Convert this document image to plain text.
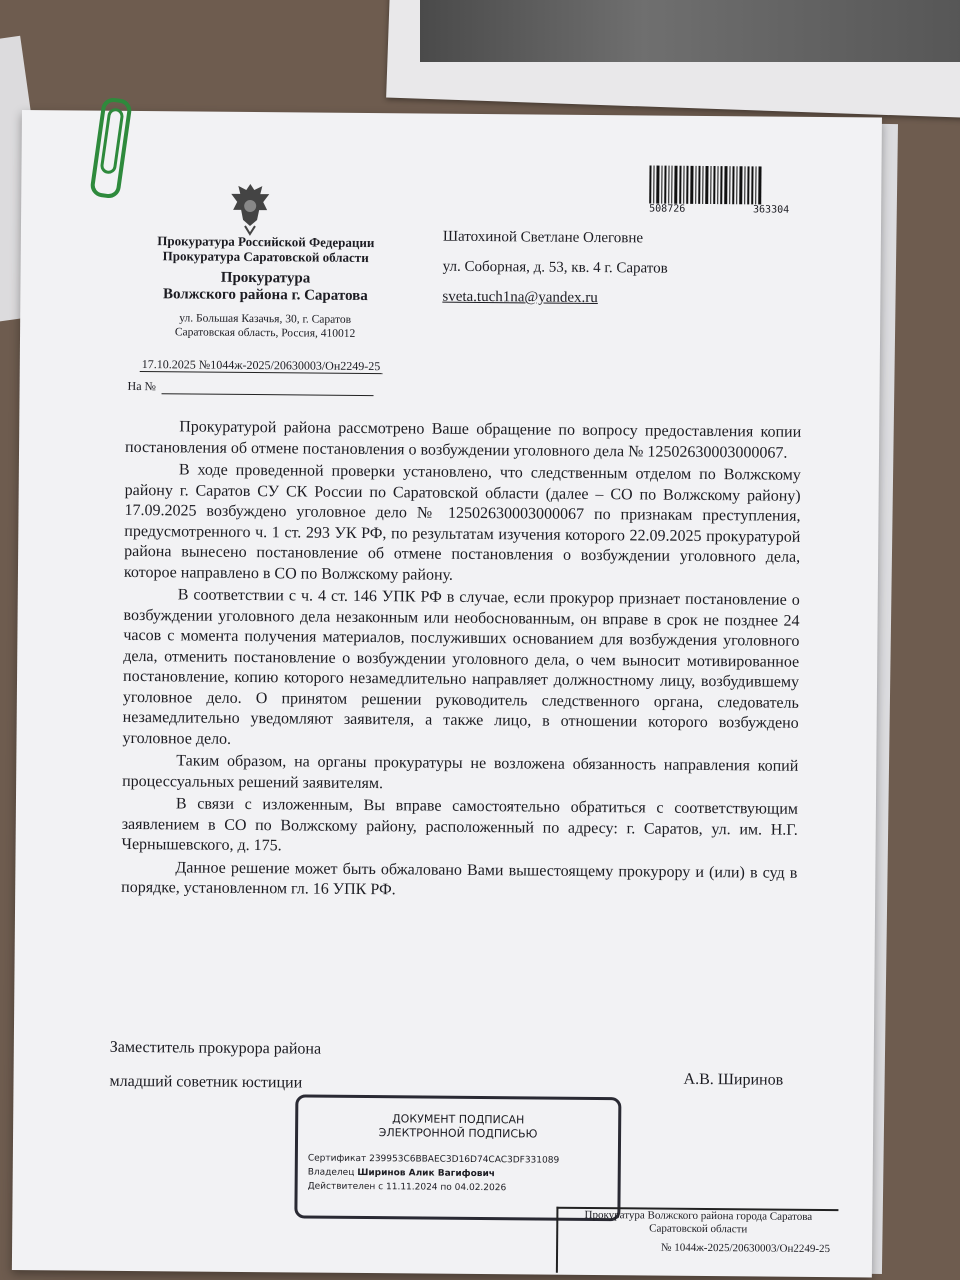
Прокуратура Российской Федерации
Прокуратура Саратовской области
Прокуратура
Волжского района г. Саратова
ул. Большая Казачья, 30, г. Саратов
Саратовская область, Россия, 410012
17.10.2025 №1044ж-2025/20630003/Он2249-25
На №
508726	363304
Шатохиной Светлане Олеговне
ул. Соборная, д. 53, кв. 4 г. Саратов
sveta.tuch1na@yandex.ru

Прокуратурой района рассмотрено Ваше обращение по вопросу предоставления копии постановления об отмене постановления о возбуждении уголовного дела № 12502630003000067.

В ходе проведенной проверки установлено, что следственным отделом по Волжскому району г. Саратов СУ СК России по Саратовской области (далее – СО по Волжскому району) 17.09.2025 возбуждено уголовное дело № 12502630003000067 по признакам преступления, предусмотренного ч. 1 ст. 293 УК РФ, по результатам изучения которого 22.09.2025 прокуратурой района вынесено постановление об отмене постановления о возбуждении уголовного дела, которое направлено в СО по Волжскому району.

В соответствии с ч. 4 ст. 146 УПК РФ в случае, если прокурор признает постановление о возбуждении уголовного дела незаконным или необоснованным, он вправе в срок не позднее 24 часов с момента получения материалов, послуживших основанием для возбуждения уголовного дела, отменить постановление о возбуждении уголовного дела, о чем выносит мотивированное постановление, копию которого незамедлительно направляет должностному лицу, возбудившему уголовное дело. О принятом решении руководитель следственного органа, следователь незамедлительно уведомляют заявителя, а также лицо, в отношении которого возбуждено уголовное дело.

Таким образом, на органы прокуратуры не возложена обязанность направления копий процессуальных решений заявителям.

В связи с изложенным, Вы вправе самостоятельно обратиться с соответствующим заявлением в СО по Волжскому району, расположенный по адресу: г. Саратов, ул. им. Н.Г. Чернышевского, д. 175.

Данное решение может быть обжаловано Вами вышестоящему прокурору и (или) в суд в порядке, установленном гл. 16 УПК РФ.

Заместитель прокурора района
младший советник юстиции	А.В. Ширинов
ДОКУМЕНТ ПОДПИСАН
ЭЛЕКТРОННОЙ ПОДПИСЬЮ
Сертификат 239953C6BBAEC3D16D74CAC3DF331089
Владелец Ширинов Алик Вагифович
Действителен с 11.11.2024 по 04.02.2026
Прокуратура Волжского района города Саратова
Саратовской области
№ 1044ж-2025/20630003/Он2249-25
